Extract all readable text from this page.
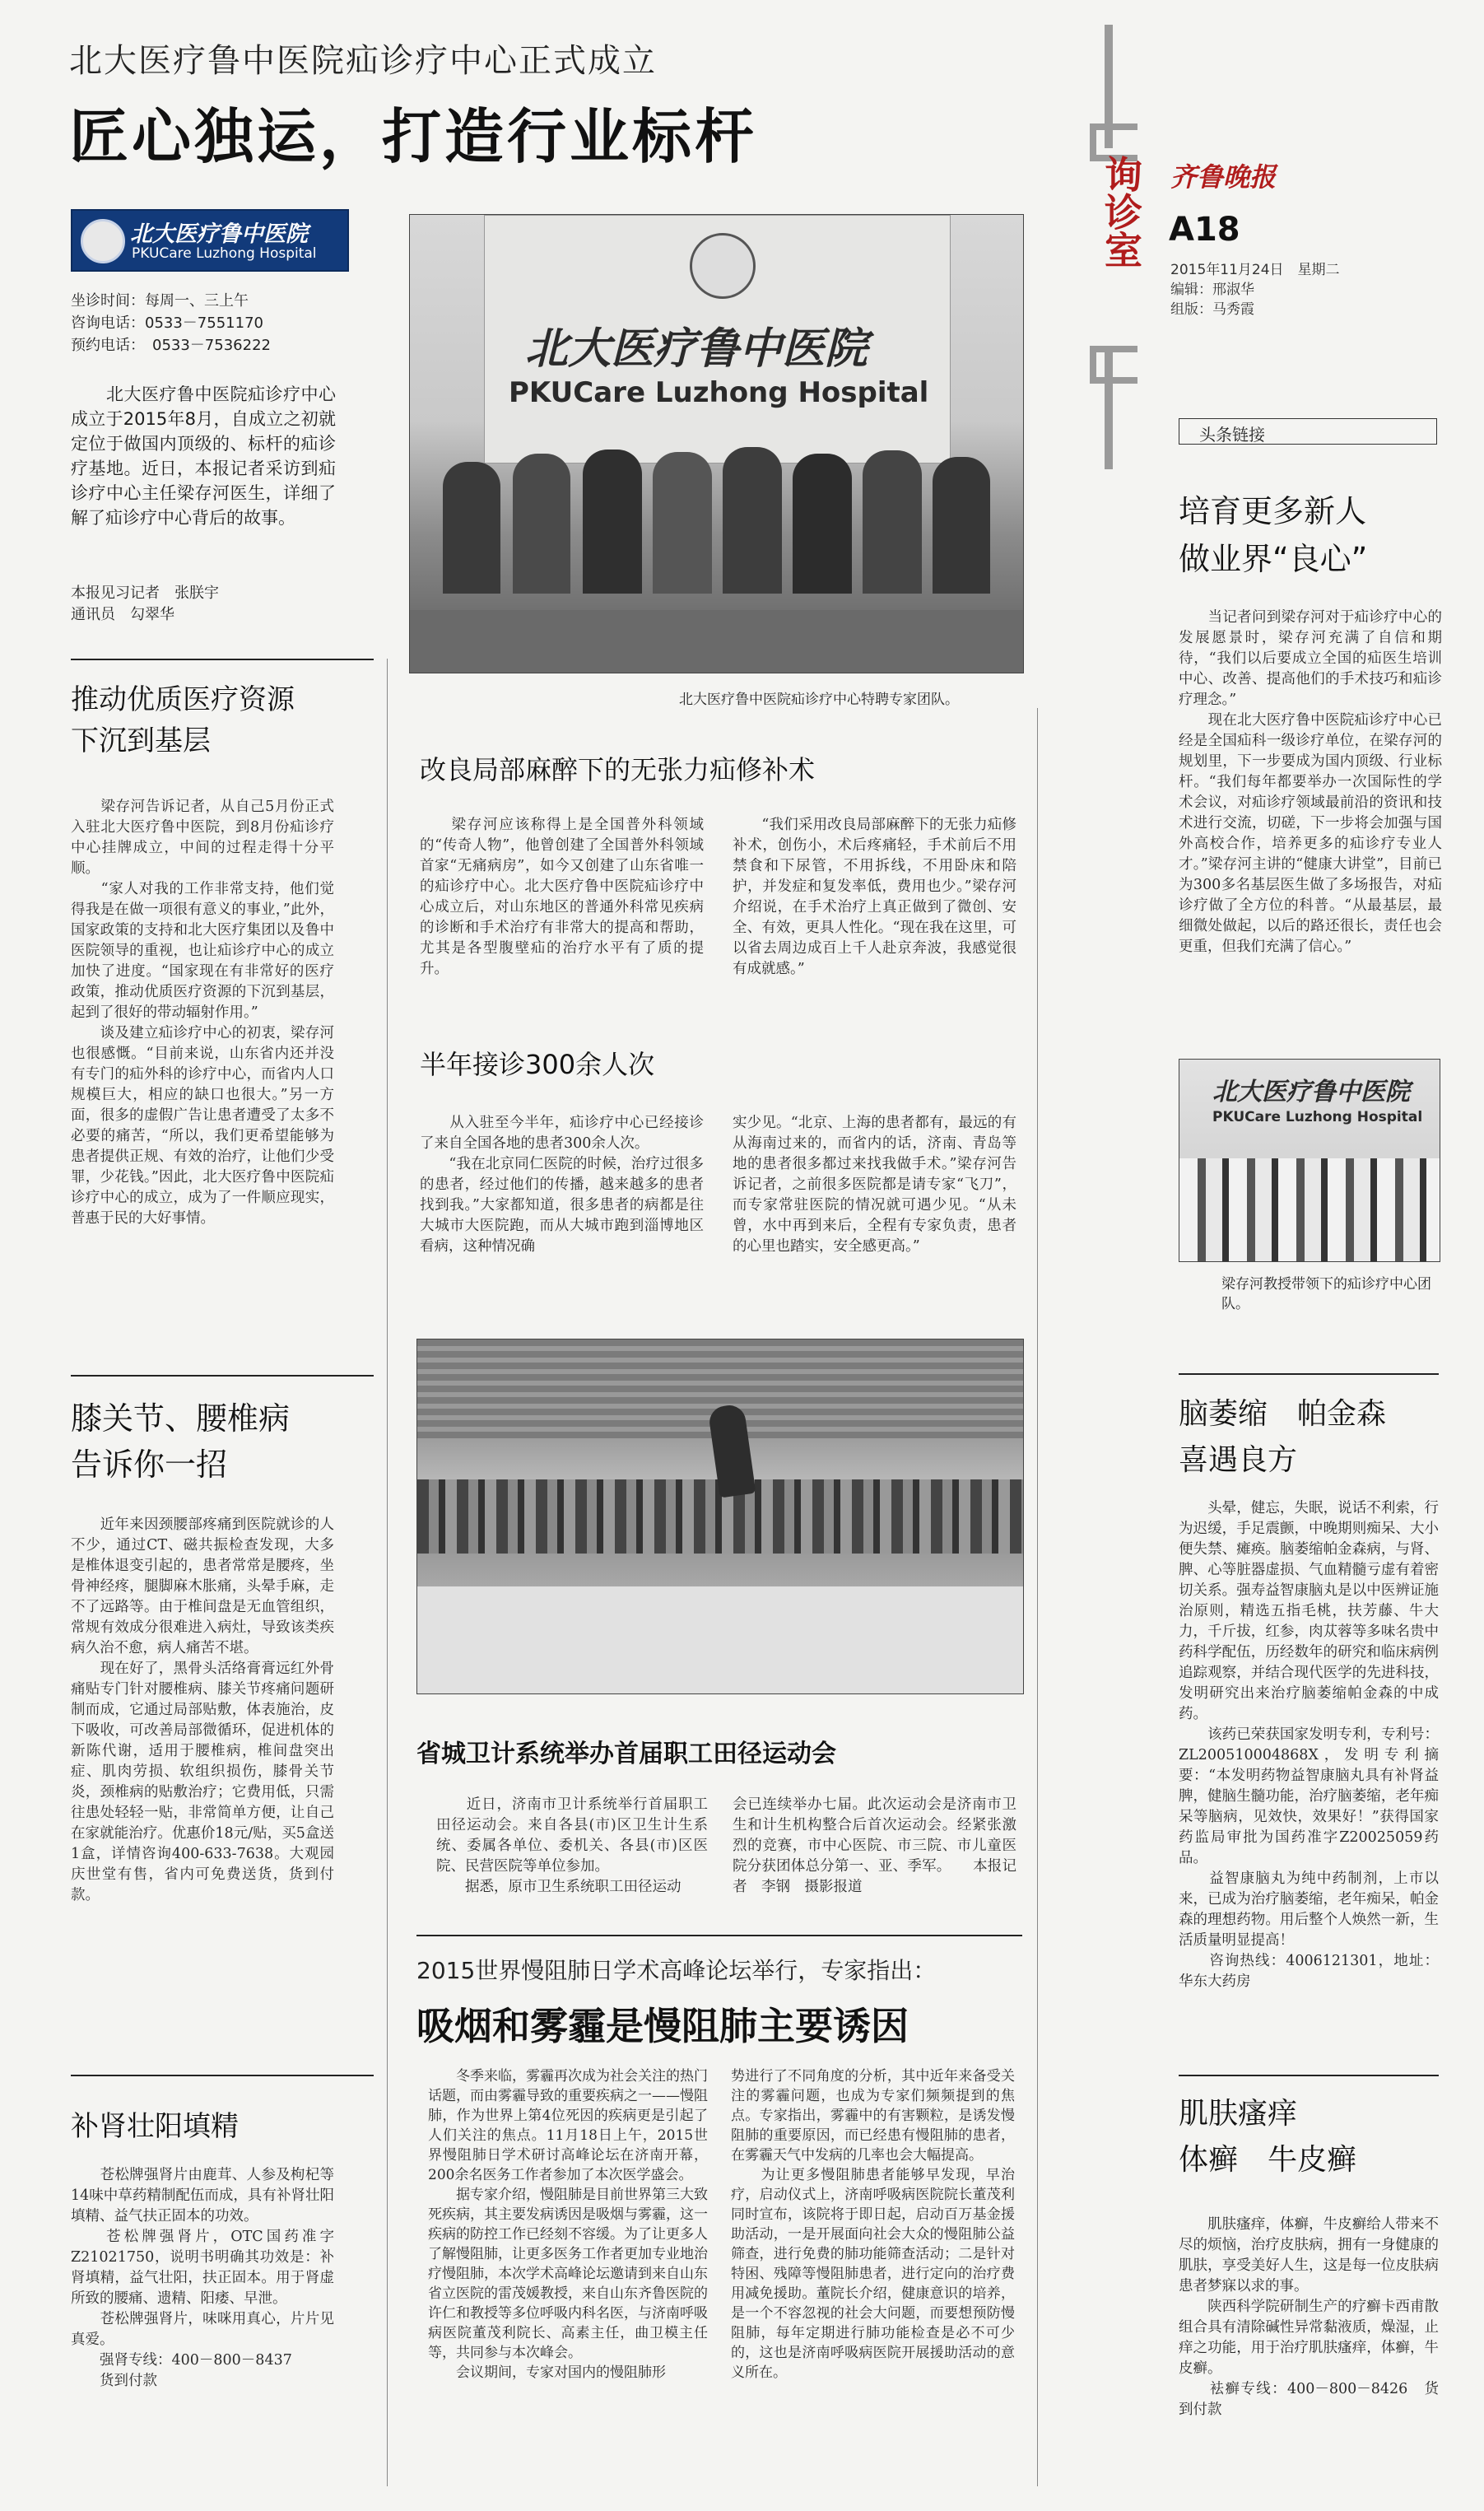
北大医疗鲁中医院疝诊疗中心正式成立
匠心独运，打造行业标杆
北大医疗鲁中医院
PKUCare Luzhong Hospital
坐诊时间：每周一、三上午
咨询电话：0533－7551170
预约电话：　0533－7536222

　　北大医疗鲁中医院疝诊疗中心成立于2015年8月，自成立之初就定位于做国内顶级的、标杆的疝诊疗基地。近日，本报记者采访到疝诊疗中心主任梁存河医生，详细了解了疝诊疗中心背后的故事。

本报见习记者　张朕宇
通讯员　勾翠华
北大医疗鲁中医院
PKUCare Luzhong Hospital
北大医疗鲁中医院疝诊疗中心特聘专家团队。
询诊室 齐鲁晚报
A18
2015年11月24日　星期二
编辑：邢淑华
组版：马秀霞
推动优质医疗资源
下沉到基层

　　梁存河告诉记者，从自己5月份正式入驻北大医疗鲁中医院，到8月份疝诊疗中心挂牌成立，中间的过程走得十分平顺。
　　“家人对我的工作非常支持，他们觉得我是在做一项很有意义的事业，”此外，国家政策的支持和北大医疗集团以及鲁中医院领导的重视，也让疝诊疗中心的成立加快了进度。“国家现在有非常好的医疗政策，推动优质医疗资源的下沉到基层，起到了很好的带动辐射作用。”
　　谈及建立疝诊疗中心的初衷，梁存河也很感慨。“目前来说，山东省内还并没有专门的疝外科的诊疗中心，而省内人口规模巨大，相应的缺口也很大。”另一方面，很多的虚假广告让患者遭受了太多不必要的痛苦，“所以，我们更希望能够为患者提供正规、有效的治疗，让他们少受罪，少花钱。”因此，北大医疗鲁中医院疝诊疗中心的成立，成为了一件顺应现实，普惠于民的大好事情。

膝关节、腰椎病
告诉你一招

　　近年来因颈腰部疼痛到医院就诊的人不少，通过CT、磁共振检查发现，大多是椎体退变引起的，患者常常是腰疼，坐骨神经疼，腿脚麻木胀痛，头晕手麻，走不了远路等。由于椎间盘是无血管组织，常规有效成分很难进入病灶，导致该类疾病久治不愈，病人痛苦不堪。
　　现在好了，黑骨头活络膏膏远红外骨痛贴专门针对腰椎病、膝关节疼痛问题研制而成，它通过局部贴敷，体表施治，皮下吸收，可改善局部微循环，促进机体的新陈代谢，适用于腰椎病，椎间盘突出症、肌肉劳损、软组织损伤，膝骨关节炎，颈椎病的贴敷治疗；它费用低，只需往患处轻轻一贴，非常简单方便，让自己在家就能治疗。优惠价18元/贴，买5盒送1盒，详情咨询400-633-7638。大观园庆世堂有售，省内可免费送货，货到付款。

补肾壮阳填精

　　苍松牌强肾片由鹿茸、人参及枸杞等14味中草药精制配伍而成，具有补肾壮阳填精、益气扶正固本的功效。
　　苍松牌强肾片，OTC国药准字Z21021750，说明书明确其功效是：补肾填精，益气壮阳，扶正固本。用于肾虚所致的腰痛、遗精、阳痿、早泄。
　　苍松牌强肾片，味咪用真心，片片见真爱。
　　强肾专线：400－800－8437
　　货到付款

改良局部麻醉下的无张力疝修补术

　　梁存河应该称得上是全国普外科领域的“传奇人物”，他曾创建了全国普外科领域首家“无痛病房”，如今又创建了山东省唯一的疝诊疗中心。北大医疗鲁中医院疝诊疗中心成立后，对山东地区的普通外科常见疾病的诊断和手术治疗有非常大的提高和帮助，尤其是各型腹壁疝的治疗水平有了质的提升。

　　“我们采用改良局部麻醉下的无张力疝修补术，创伤小，术后疼痛轻，手术前后不用禁食和下尿管，不用拆线，不用卧床和陪护，并发症和复发率低，费用也少。”梁存河介绍说，在手术治疗上真正做到了微创、安全、有效，更具人性化。“现在我在这里，可以省去周边成百上千人赴京奔波，我感觉很有成就感。”

半年接诊300余人次

　　从入驻至今半年，疝诊疗中心已经接诊了来自全国各地的患者300余人次。
　　“我在北京同仁医院的时候，治疗过很多的患者，经过他们的传播，越来越多的患者找到我。”大家都知道，很多患者的病都是往大城市大医院跑，而从大城市跑到淄博地区看病，这种情况确

实少见。“北京、上海的患者都有，最远的有从海南过来的，而省内的话，济南、青岛等地的患者很多都过来找我做手术。”梁存河告诉记者，之前很多医院都是请专家“飞刀”，而专家常驻医院的情况就可遇少见。“从未曾，水中再到来后，全程有专家负责，患者的心里也踏实，安全感更高。”

省城卫计系统举办首届职工田径运动会

　　近日，济南市卫计系统举行首届职工田径运动会。来自各县(市)区卫生计生系统、委属各单位、委机关、各县(市)区医院、民营医院等单位参加。
　　据悉，原市卫生系统职工田径运动

会已连续举办七届。此次运动会是济南市卫生和计生机构整合后首次运动会。经紧张激烈的竞赛，市中心医院、市三院、市儿童医院分获团体总分第一、亚、季军。　　本报记者　李钢　摄影报道

2015世界慢阻肺日学术高峰论坛举行，专家指出：
吸烟和雾霾是慢阻肺主要诱因

　　冬季来临，雾霾再次成为社会关注的热门话题，而由雾霾导致的重要疾病之一——慢阻肺，作为世界上第4位死因的疾病更是引起了人们关注的焦点。11月18日上午，2015世界慢阻肺日学术研讨高峰论坛在济南开幕，200余名医务工作者参加了本次医学盛会。
　　据专家介绍，慢阻肺是目前世界第三大致死疾病，其主要发病诱因是吸烟与雾霾，这一疾病的防控工作已经刻不容缓。为了让更多人了解慢阻肺，让更多医务工作者更加专业地治疗慢阻肺，本次学术高峰论坛邀请到来自山东省立医院的雷茂媛教授，来自山东齐鲁医院的许仁和教授等多位呼吸内科名医，与济南呼吸病医院董茂利院长、高素主任，曲卫模主任等，共同参与本次峰会。
　　会议期间，专家对国内的慢阻肺形

势进行了不同角度的分析，其中近年来备受关注的雾霾问题，也成为专家们频频提到的焦点。专家指出，雾霾中的有害颗粒，是诱发慢阻肺的重要原因，而已经患有慢阻肺的患者，在雾霾天气中发病的几率也会大幅提高。
　　为让更多慢阻肺患者能够早发现，早治疗，启动仪式上，济南呼吸病医院院长董茂利同时宣布，该院将于即日起，启动百万基金援助活动，一是开展面向社会大众的慢阻肺公益筛查，进行免费的肺功能筛查活动；二是针对特困、残障等慢阻肺患者，进行定向的治疗费用减免援助。董院长介绍，健康意识的培养，是一个不容忽视的社会大问题，而要想预防慢阻肺，每年定期进行肺功能检查是必不可少的，这也是济南呼吸病医院开展援助活动的意义所在。

头条链接
培育更多新人
做业界“良心”

　　当记者问到梁存河对于疝诊疗中心的发展愿景时，梁存河充满了自信和期待，“我们以后要成立全国的疝医生培训中心、改善、提高他们的手术技巧和疝诊疗理念。”
　　现在北大医疗鲁中医院疝诊疗中心已经是全国疝科一级诊疗单位，在梁存河的规划里，下一步要成为国内顶级、行业标杆。“我们每年都要举办一次国际性的学术会议，对疝诊疗领域最前沿的资讯和技术进行交流，切磋，下一步将会加强与国外高校合作，培养更多的疝诊疗专业人才。”梁存河主讲的“健康大讲堂”，目前已为300多名基层医生做了多场报告，对疝诊疗做了全方位的科普。“从最基层，最细微处做起，以后的路还很长，责任也会更重，但我们充满了信心。”

北大医疗鲁中医院
PKUCare Luzhong Hospital
梁存河教授带领下的疝诊疗中心团队。
脑萎缩　帕金森
喜遇良方

　　头晕，健忘，失眠，说话不利索，行为迟缓，手足震颤，中晚期则痴呆、大小便失禁、瘫痪。脑萎缩帕金森病，与肾、脾、心等脏器虚损、气血精髓亏虚有着密切关系。强寿益智康脑丸是以中医辨证施治原则，精选五指毛桃，扶芳藤、牛大力，千斤拔，红参，肉苁蓉等多味名贵中药科学配伍，历经数年的研究和临床病例追踪观察，并结合现代医学的先进科技，发明研究出来治疗脑萎缩帕金森的中成药。
　　该药已荣获国家发明专利，专利号：ZL200510004868X，发明专利摘要：“本发明药物益智康脑丸具有补肾益脾，健脑生髓功能，治疗脑萎缩，老年痴呆等脑病，见效快，效果好！”获得国家药监局审批为国药准字Z20025059药品。
　　益智康脑丸为纯中药制剂，上市以来，已成为治疗脑萎缩，老年痴呆，帕金森的理想药物。用后整个人焕然一新，生活质量明显提高！
　　咨询热线：4006121301，地址：华东大药房

肌肤瘙痒
体癣　牛皮癣

　　肌肤瘙痒，体癣，牛皮癣给人带来不尽的烦恼，治疗皮肤病，拥有一身健康的肌肤，享受美好人生，这是每一位皮肤病患者梦寐以求的事。
　　陕西科学院研制生产的疗癣卡西甫散组合具有清除碱性异常黏液质，燥湿，止痒之功能，用于治疗肌肤瘙痒，体癣，牛皮癣。
　　袪癣专线：400－800－8426　货到付款
